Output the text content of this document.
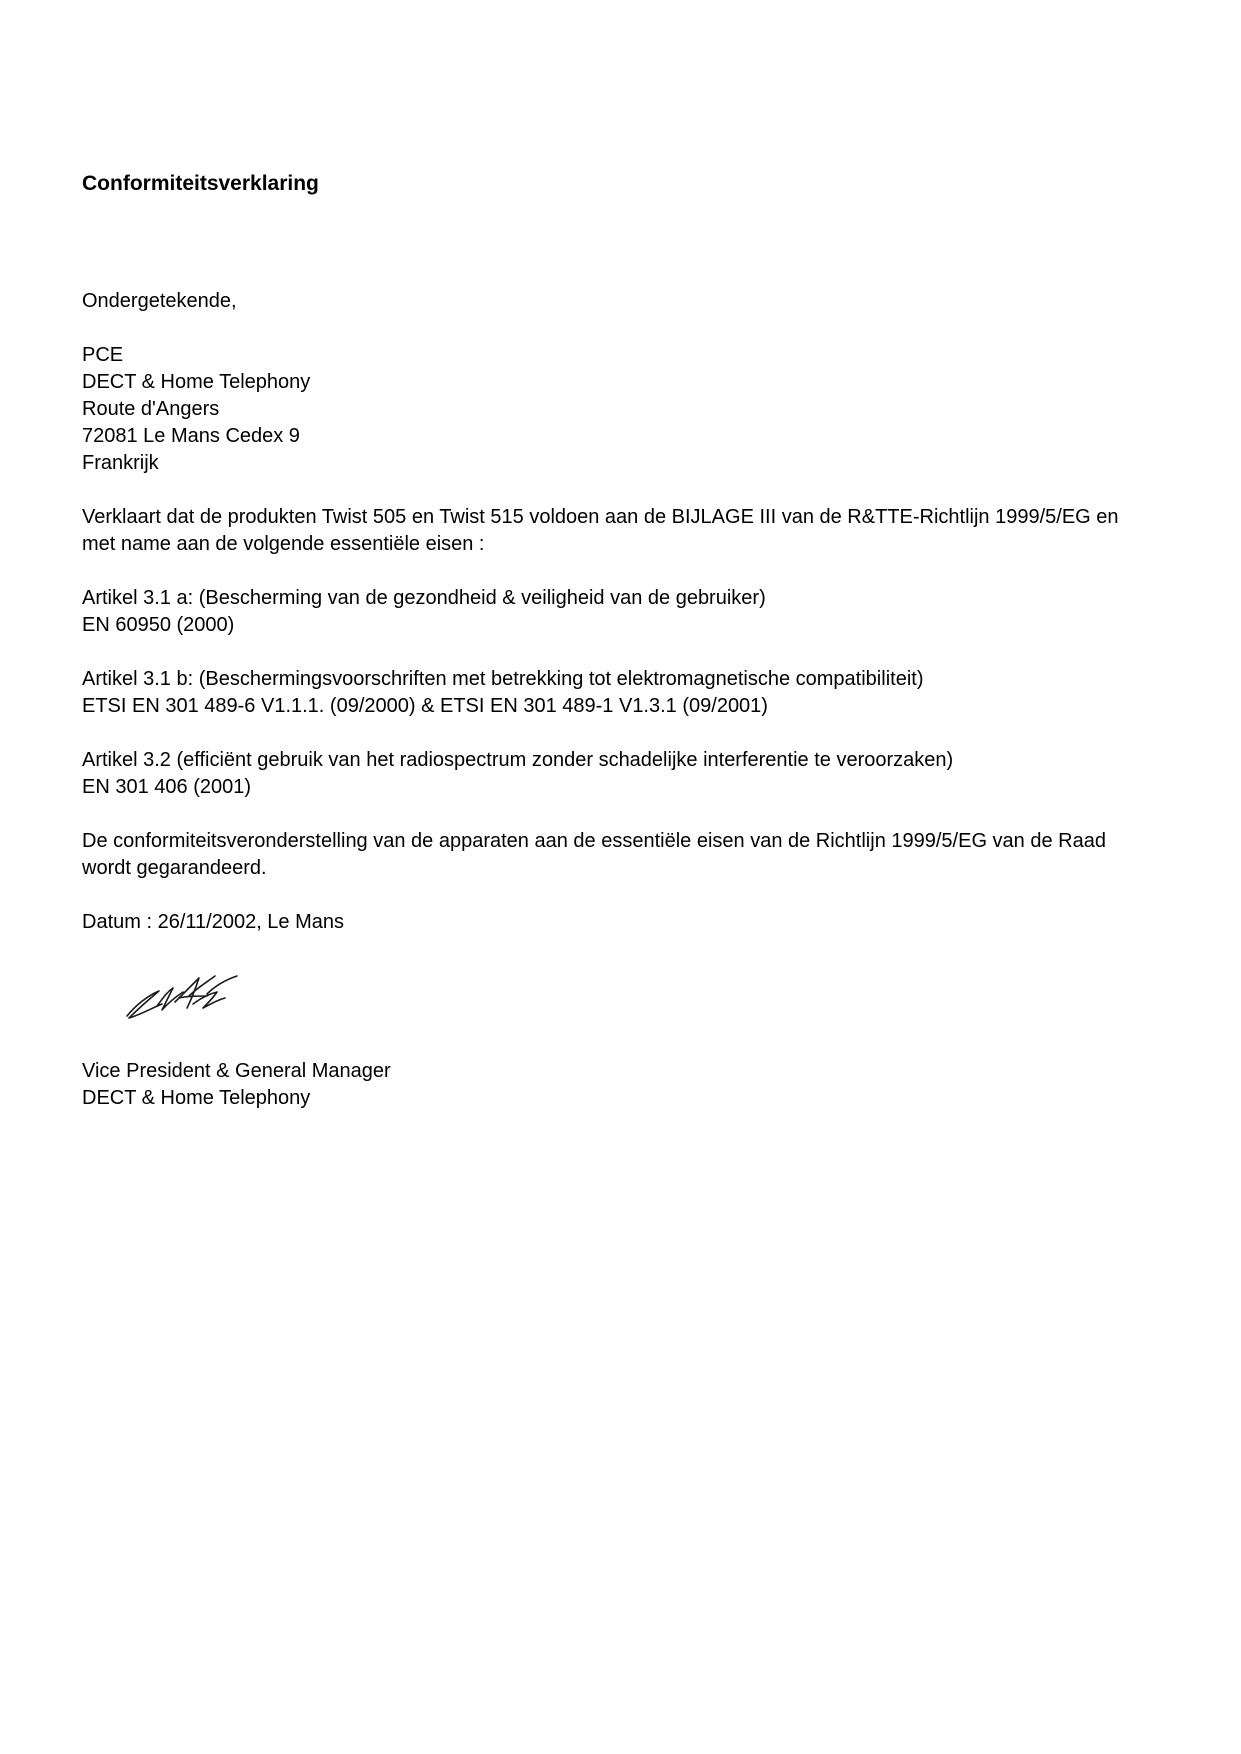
Conformiteitsverklaring

Ondergetekende,

PCE

DECT & Home Telephony

Route d'Angers

72081 Le Mans Cedex 9

Frankrijk

Verklaart dat de produkten Twist 505 en Twist 515 voldoen aan de BIJLAGE III van de R&TTE-Richtlijn 1999/5/EG en

met name aan de volgende essentiële eisen :

Artikel 3.1 a: (Bescherming van de gezondheid & veiligheid van de gebruiker)

EN 60950 (2000)

Artikel 3.1 b: (Beschermingsvoorschriften met betrekking tot elektromagnetische compatibiliteit)

ETSI EN 301 489-6 V1.1.1. (09/2000) & ETSI EN 301 489-1 V1.3.1 (09/2001)

Artikel 3.2 (efficiënt gebruik van het radiospectrum zonder schadelijke interferentie te veroorzaken)

EN 301 406 (2001)

De conformiteitsveronderstelling van de apparaten aan de essentiële eisen van de Richtlijn 1999/5/EG van de Raad

wordt gegarandeerd.

Datum : 26/11/2002, Le Mans

Vice President & General Manager

DECT & Home Telephony
